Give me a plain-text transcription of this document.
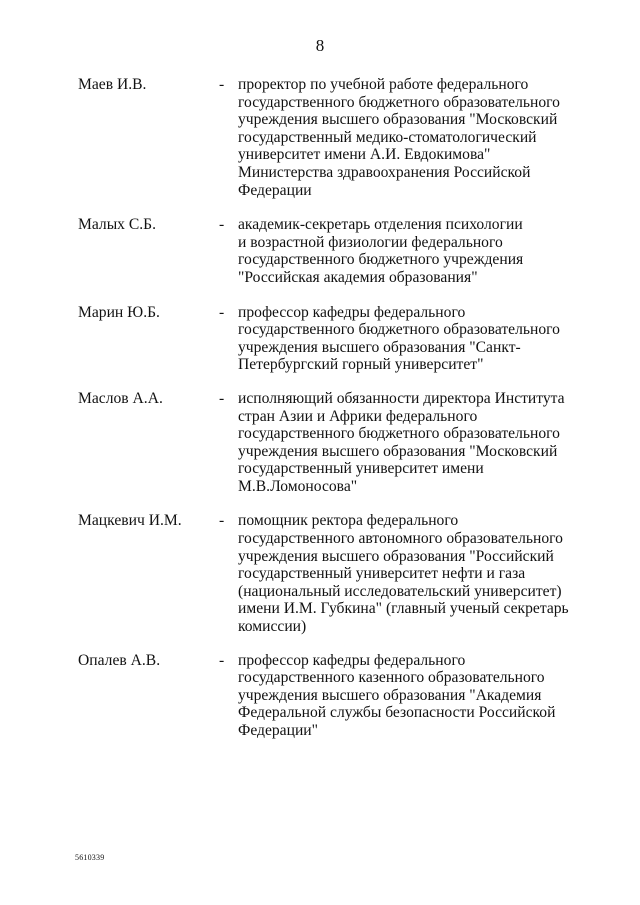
8
Маев И.В.	- проректор по учебной работе федерального
государственного бюджетного образовательного
учреждения высшего образования "Московский
государственный медико-стоматологический
университет имени А.И. Евдокимова"
Министерства здравоохранения Российской
Федерации
Малых С.Б.	- академик-секретарь отделения психологии
и возрастной физиологии федерального
государственного бюджетного учреждения
"Российская академия образования"
Марин Ю.Б.	- профессор кафедры федерального
государственного бюджетного образовательного
учреждения высшего образования "Санкт-
Петербургский горный университет"
Маслов А.А.	- исполняющий обязанности директора Института
стран Азии и Африки федерального
государственного бюджетного образовательного
учреждения высшего образования "Московский
государственный университет имени
М.В.Ломоносова"
Мацкевич И.М. - помощник ректора федерального
государственного автономного образовательного
учреждения высшего образования "Российский
государственный университет нефти и газа
(национальный исследовательский университет)
имени И.М. Губкина" (главный ученый секретарь
комиссии)
Опалев А.В.	- профессор кафедры федерального
государственного казенного образовательного
учреждения высшего образования "Академия
Федеральной службы безопасности Российской
Федерации"
5610339
